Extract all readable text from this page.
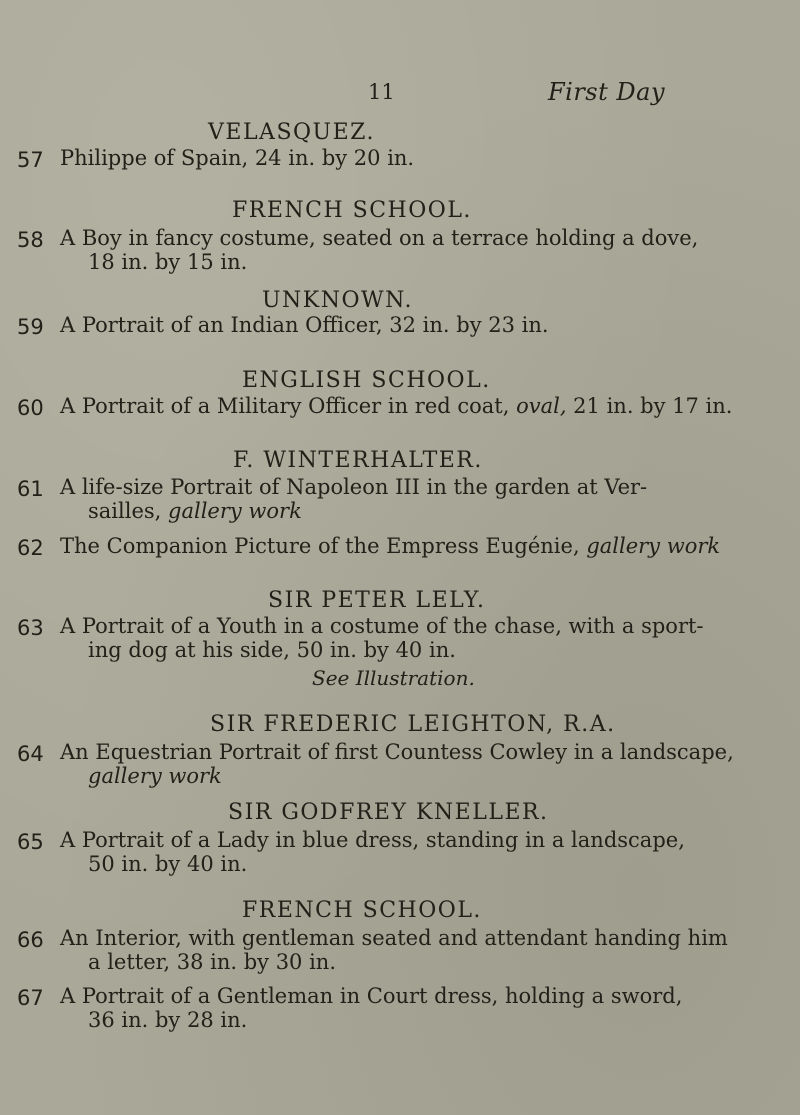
11	First Day
VELASQUEZ.
57 Philippe of Spain, 24 in. by 20 in.
FRENCH SCHOOL.
58 A Boy in fancy costume, seated on a terrace holding a dove,
18 in. by 15 in.
UNKNOWN.
59 A Portrait of an Indian Officer, 32 in. by 23 in.
ENGLISH SCHOOL.
60 A Portrait of a Military Officer in red coat, oval, 21 in. by 17 in.
F. WINTERHALTER.
61 A life-size Portrait of Napoleon III in the garden at Ver-
sailles, gallery work
62 The Companion Picture of the Empress Eugénie, gallery work
SIR PETER LELY.
63 A Portrait of a Youth in a costume of the chase, with a sport-
ing dog at his side, 50 in. by 40 in.
See Illustration.
SIR FREDERIC LEIGHTON, R.A.
64 An Equestrian Portrait of first Countess Cowley in a landscape,
gallery work
SIR GODFREY KNELLER.
65 A Portrait of a Lady in blue dress, standing in a landscape,
50 in. by 40 in.
FRENCH SCHOOL.
66 An Interior, with gentleman seated and attendant handing him
a letter, 38 in. by 30 in.
67 A Portrait of a Gentleman in Court dress, holding a sword,
36 in. by 28 in.
